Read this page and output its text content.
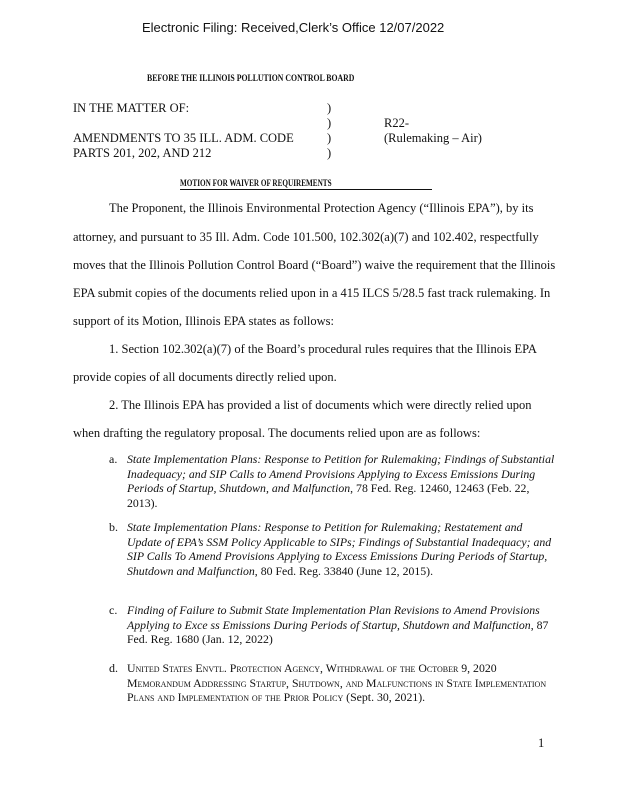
Electronic Filing: Received,Clerk’s Office 12/07/2022
BEFORE THE ILLINOIS POLLUTION CONTROL BOARD
IN THE MATTER OF:
AMENDMENTS TO 35 ILL. ADM. CODE
PARTS 201, 202, AND 212
)
)
)
)
R22-
(Rulemaking – Air)
MOTION FOR WAIVER OF REQUIREMENTS
The Proponent, the Illinois Environmental Protection Agency (“Illinois EPA”), by its
attorney, and pursuant to 35 Ill. Adm. Code 101.500, 102.302(a)(7) and 102.402, respectfully
moves that the Illinois Pollution Control Board (“Board”) waive the requirement that the Illinois
EPA submit copies of the documents relied upon in a 415 ILCS 5/28.5 fast track rulemaking. In
support of its Motion, Illinois EPA states as follows:
1. Section 102.302(a)(7) of the Board’s procedural rules requires that the Illinois EPA
provide copies of all documents directly relied upon.
2. The Illinois EPA has provided a list of documents which were directly relied upon
when drafting the regulatory proposal. The documents relied upon are as follows:
a. State Implementation Plans: Response to Petition for Rulemaking; Findings of Substantial Inadequacy; and SIP Calls to Amend Provisions Applying to Excess Emissions During Periods of Startup, Shutdown, and Malfunction, 78 Fed. Reg. 12460, 12463 (Feb. 22, 2013).
b. State Implementation Plans: Response to Petition for Rulemaking; Restatement and Update of EPA’s SSM Policy Applicable to SIPs; Findings of Substantial Inadequacy; and SIP Calls To Amend Provisions Applying to Excess Emissions During Periods of Startup, Shutdown and Malfunction, 80 Fed. Reg. 33840 (June 12, 2015).
c. Finding of Failure to Submit State Implementation Plan Revisions to Amend Provisions Applying to Exce ss Emissions During Periods of Startup, Shutdown and Malfunction, 87 Fed. Reg. 1680 (Jan. 12, 2022)
d. United States Envtl. Protection Agency, Withdrawal of the October 9, 2020 Memorandum Addressing Startup, Shutdown, and Malfunctions in State Implementation Plans and Implementation of the Prior Policy (Sept. 30, 2021).
1
